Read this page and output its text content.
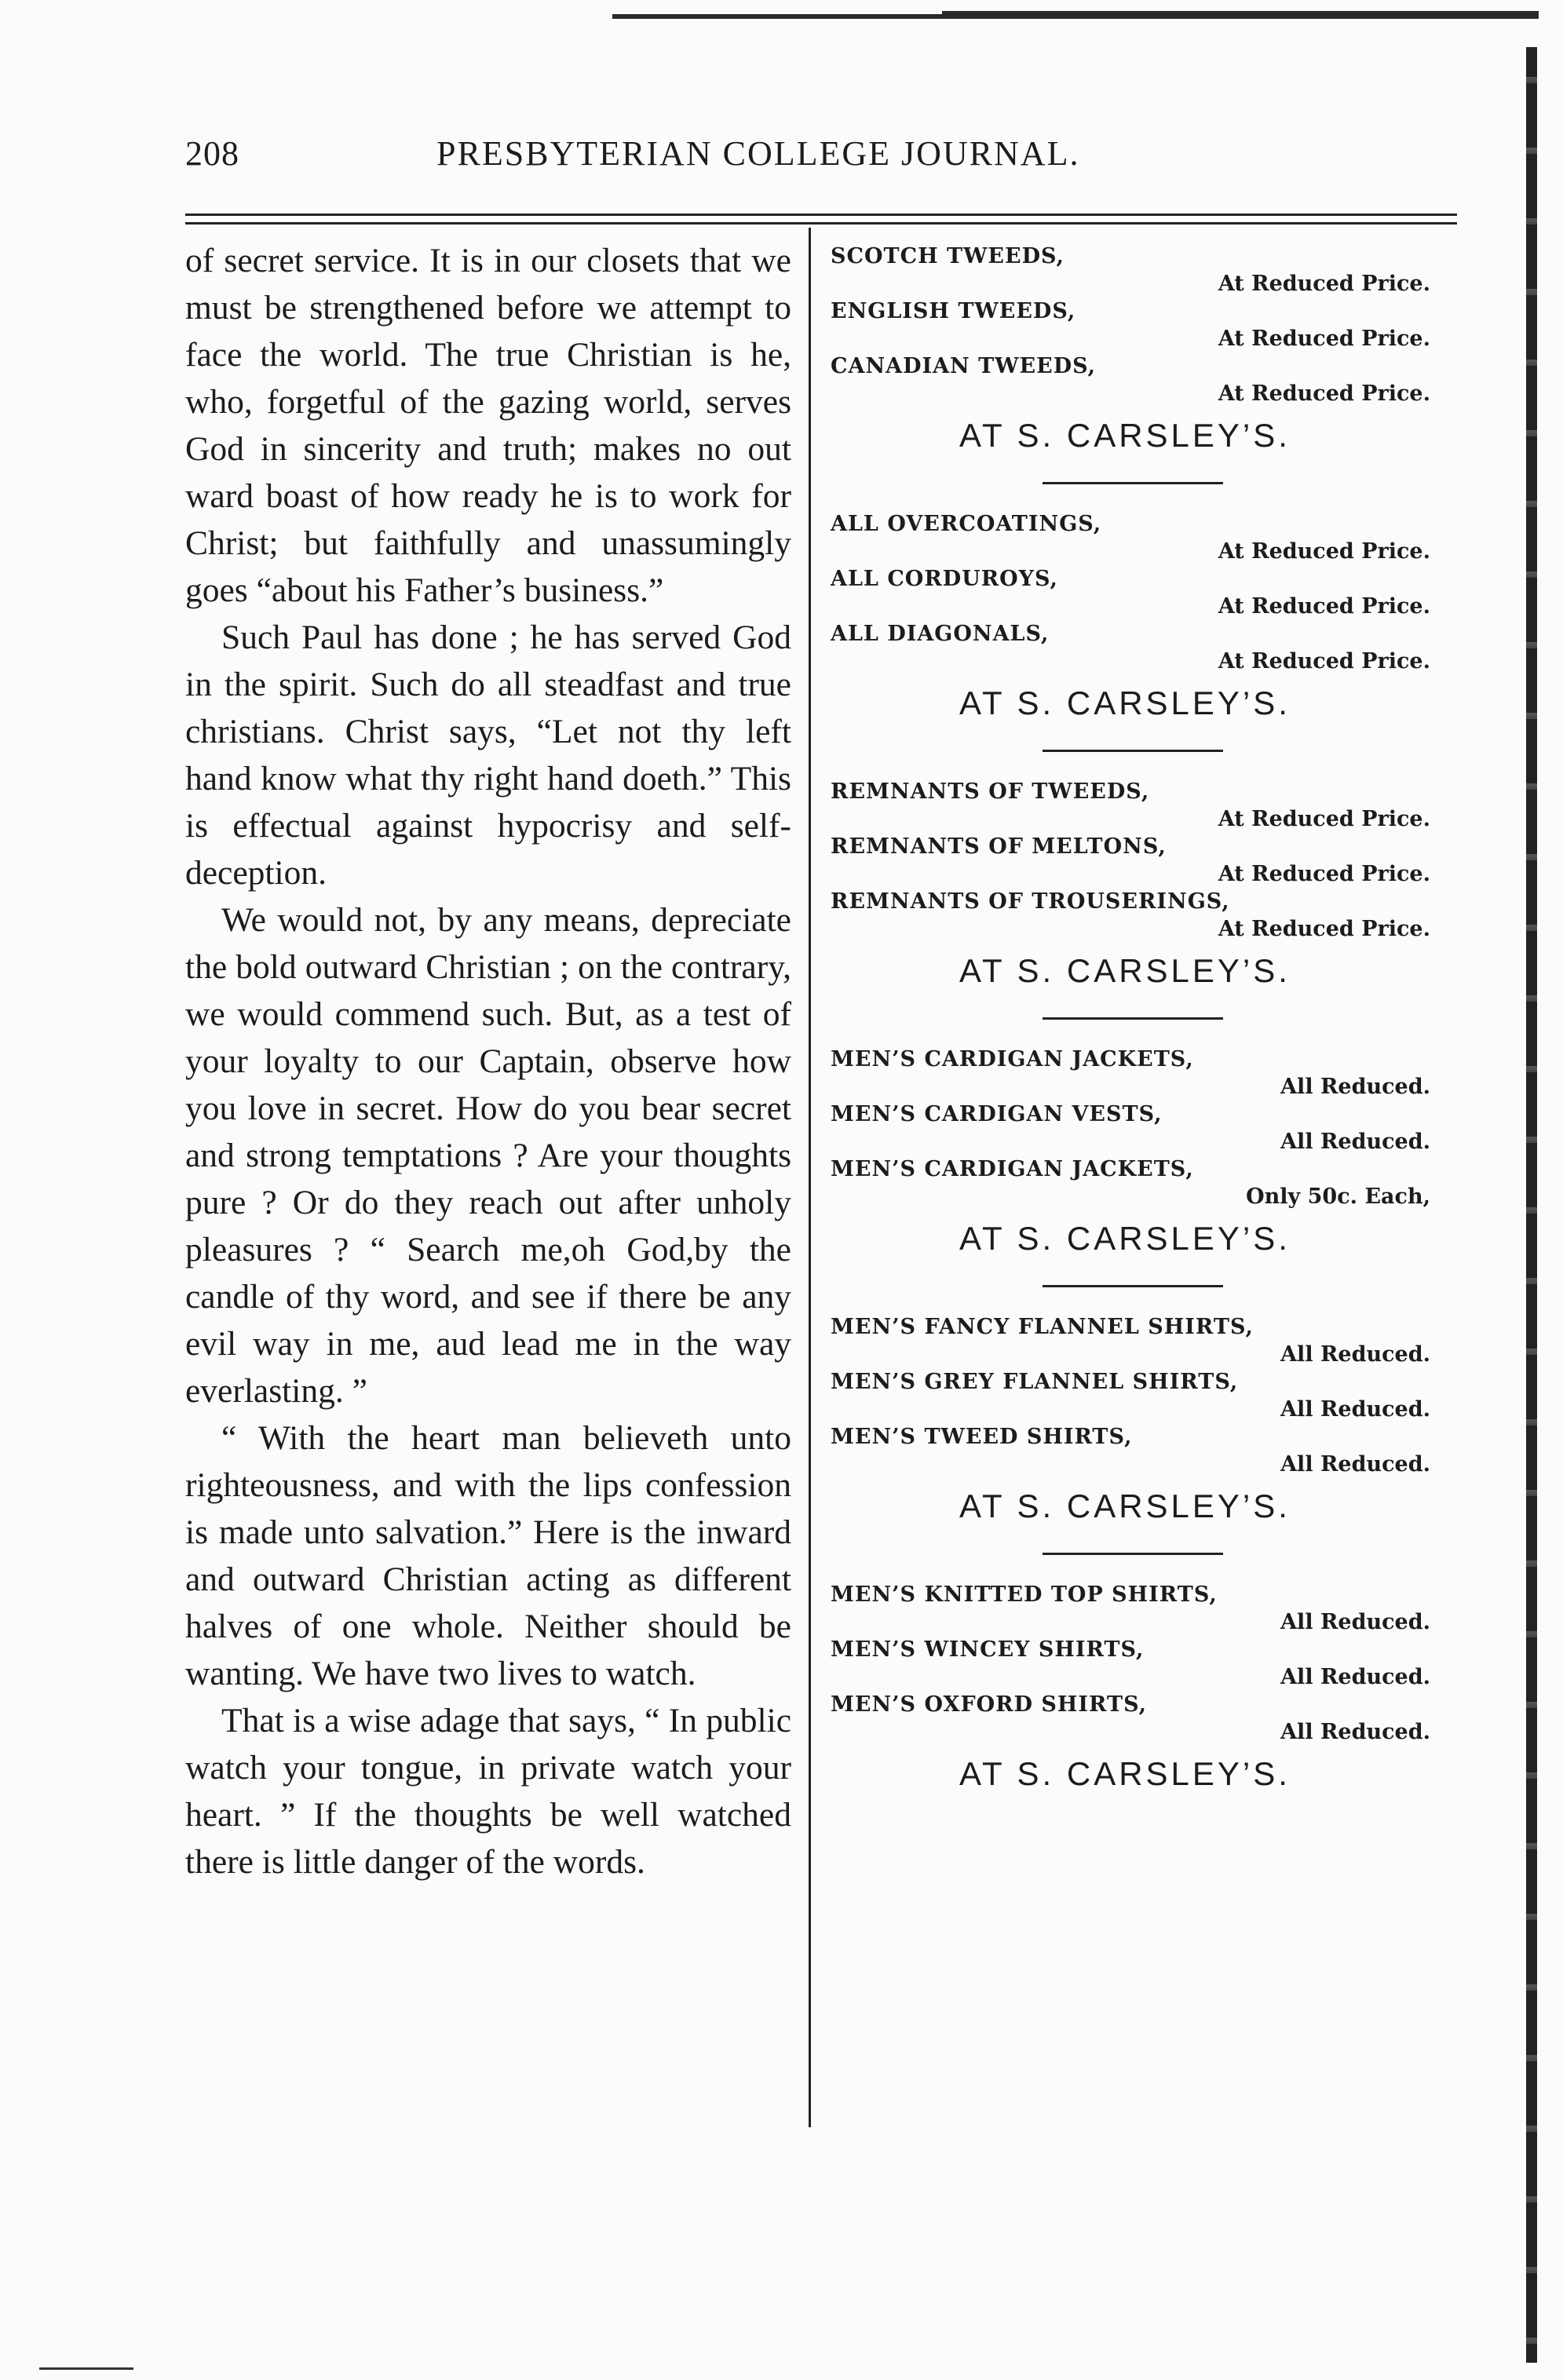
208	PRESBYTERIAN COLLEGE JOURNAL.

of secret service. It is in our closets that we must be strengthened before we attempt to face the world. The true Christian is he, who, forgetful of the gazing world, serves God in sincerity and truth; makes no out ward boast of how ready he is to work for Christ; but faithfully and unassumingly goes “about his Father’s business.”

Such Paul has done ; he has served God in the spirit. Such do all steadfast and true christians. Christ says, “Let not thy left hand know what thy right hand doeth.” This is effectual against hypocrisy and self-deception.

We would not, by any means, depreciate the bold outward Christian ; on the contrary, we would commend such. But, as a test of your loyalty to our Captain, observe how you love in secret. How do you bear secret and strong temptations ? Are your thoughts pure ? Or do they reach out after unholy pleasures ? “ Search me,oh God,by the candle of thy word, and see if there be any evil way in me, aud lead me in the way everlasting. ”

“ With the heart man believeth unto righteousness, and with the lips confession is made unto salvation.” Here is the inward and outward Christian acting as different halves of one whole. Neither should be wanting. We have two lives to watch.

That is a wise adage that says, “ In public watch your tongue, in private watch your heart. ” If the thoughts be well watched there is little danger of the words.

SCOTCH TWEEDS,
At Reduced Price.
ENGLISH TWEEDS,
At Reduced Price.
CANADIAN TWEEDS,
At Reduced Price.
AT S. CARSLEY’S.
ALL OVERCOATINGS,
At Reduced Price.
ALL CORDUROYS,
At Reduced Price.
ALL DIAGONALS,
At Reduced Price.
AT S. CARSLEY’S.
REMNANTS OF TWEEDS,
At Reduced Price.
REMNANTS OF MELTONS,
At Reduced Price.
REMNANTS OF TROUSERINGS,
At Reduced Price.
AT S. CARSLEY’S.
MEN’S CARDIGAN JACKETS,
All Reduced.
MEN’S CARDIGAN VESTS,
All Reduced.
MEN’S CARDIGAN JACKETS,
Only 50c. Each,
AT S. CARSLEY’S.
MEN’S FANCY FLANNEL SHIRTS,
All Reduced.
MEN’S GREY FLANNEL SHIRTS,
All Reduced.
MEN’S TWEED SHIRTS,
All Reduced.
AT S. CARSLEY’S.
MEN’S KNITTED TOP SHIRTS,
All Reduced.
MEN’S WINCEY SHIRTS,
All Reduced.
MEN’S OXFORD SHIRTS,
All Reduced.
AT S. CARSLEY’S.
